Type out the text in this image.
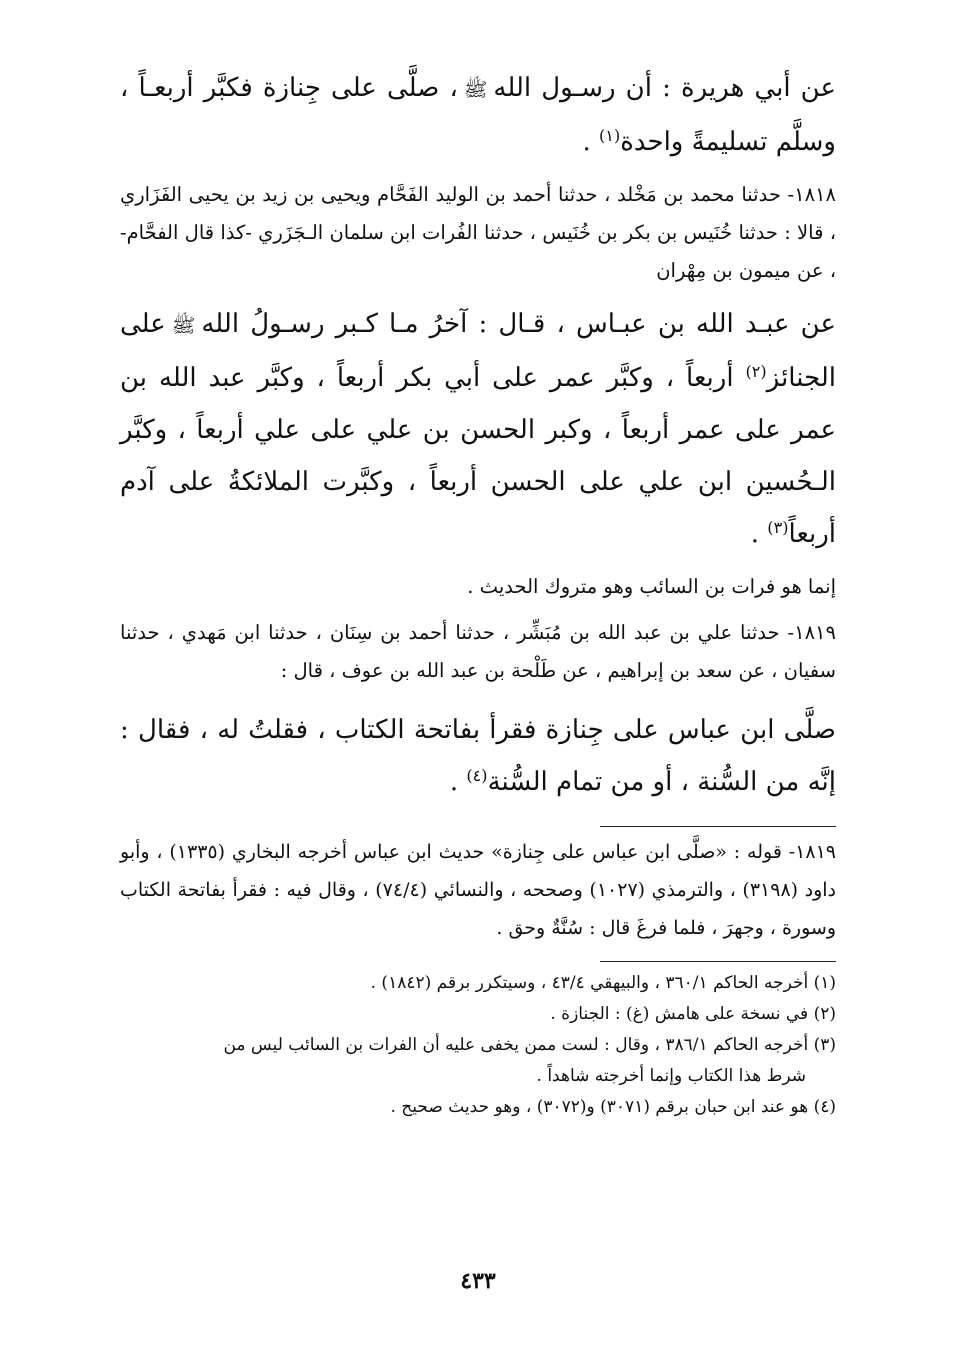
عن أبي هريرة : أن رسـول اللهﷺ، صلَّى على جِنازة فكبَّر أربعـاً ، وسلَّم تسليمةً واحدة$^{(١)}$ .

١٨١٨- حدثنا محمد بن مَخْلد ، حدثنا أحمد بن الوليد الفَحَّام ويحيى بن زيد بن يحيى الفَزَاري ، قالا : حدثنا خُنَيس بن بكر بن خُنَيس ، حدثنا الفُرات ابن سلمان الـجَزَري -كذا قال الفحَّام- ، عن ميمون بن مِهْران

عن عبـد الله بن عبـاس ، قـال : آخرُ مـا كـبر رسـولُ اللهﷺعلى الجنائز$^{(٢)}$ أربعاً ، وكبَّر عمر على أبي بكر أربعاً ، وكبَّر عبد الله بن عمر على عمر أربعاً ، وكبر الحسن بن علي على علي أربعاً ، وكبَّر الـحُسين ابن علي على الحسن أربعاً ، وكبَّرت الملائكةُ على آدم أربعاً$^{(٣)}$ .

إنما هو فرات بن السائب وهو متروك الحديث .

١٨١٩- حدثنا علي بن عبد الله بن مُبَشِّر ، حدثنا أحمد بن سِنَان ، حدثنا ابن مَهدي ، حدثنا سفيان ، عن سعد بن إبراهيم ، عن طَلْحة بن عبد الله بن عوف ، قال :

صلَّى ابن عباس على جِنازة فقرأ بفاتحة الكتاب ، فقلتُ له ، فقال : إنَّه من السُّنة ، أو من تمام السُّنة$^{(٤)}$ .

١٨١٩- قوله : «صلَّى ابن عباس على جِنازة» حديث ابن عباس أخرجه البخاري (١٣٣٥) ، وأبو داود (٣١٩٨) ، والترمذي (١٠٢٧) وصححه ، والنسائي (٧٤/٤) ، وقال فيه : فقرأ بفاتحة الكتاب وسورة ، وجهرَ ، فلما فرغَ قال : سُنَّةٌ وحق .

(١) أخرجه الحاكم ٣٦٠/١ ، والبيهقي ٤٣/٤ ، وسيتكرر برقم (١٨٤٢) .

(٢) في نسخة على هامش (غ) : الجنازة .

(٣) أخرجه الحاكم ٣٨٦/١ ، وقال : لست ممن يخفى عليه أن الفرات بن السائب ليس من

شرط هذا الكتاب وإنما أخرجته شاهداً .

(٤) هو عند ابن حبان برقم (٣٠٧١) و(٣٠٧٢) ، وهو حديث صحيح .

٤٣٣
